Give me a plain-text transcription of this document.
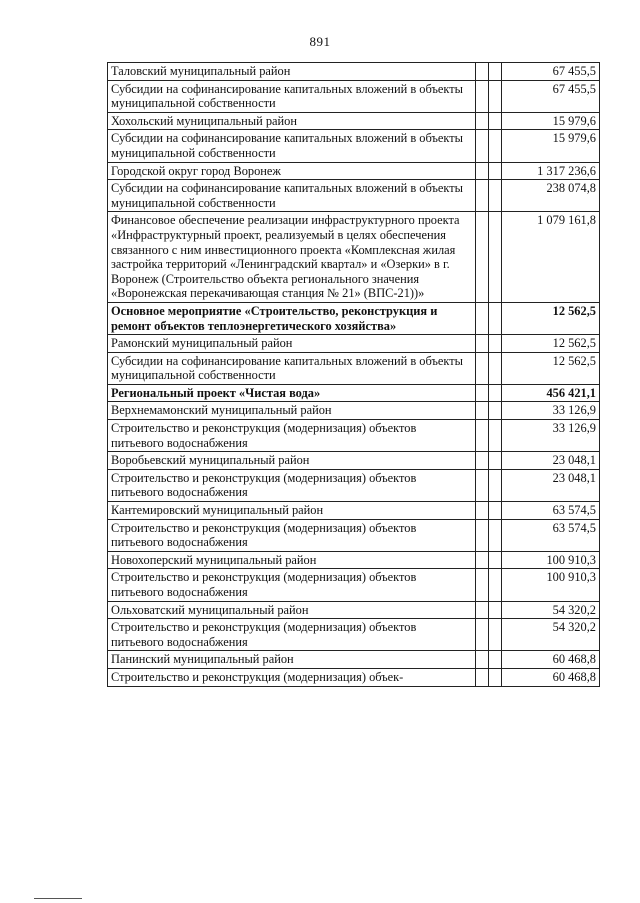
891
Таловский муниципальный район			67 455,5
Субсидии на софинансирование капитальных вложений в объекты муниципальной собственности			67 455,5
Хохольский муниципальный район			15 979,6
Субсидии на софинансирование капитальных вложений в объекты муниципальной собственности			15 979,6
Городской округ город Воронеж			1 317 236,6
Субсидии на софинансирование капитальных вложений в объекты муниципальной собственности			238 074,8
Финансовое обеспечение реализации инфраструктурного проекта «Инфраструктурный проект, реализуемый в целях обеспечения связанного с ним инвестиционного проекта «Комплексная жилая застройка территорий «Ленинградский квартал» и «Озерки» в г. Воронеж (Строительство объекта регионального значения «Воронежская перекачивающая станция № 21» (ВПС-21))»			1 079 161,8
Основное мероприятие «Строительство, реконструкция и ремонт объектов теплоэнергетического хозяйства»			12 562,5
Рамонский муниципальный район			12 562,5
Субсидии на софинансирование капитальных вложений в объекты муниципальной собственности			12 562,5
Региональный проект «Чистая вода»			456 421,1
Верхнемамонский муниципальный район			33 126,9
Строительство и реконструкция (модернизация) объектов питьевого водоснабжения			33 126,9
Воробьевский муниципальный район			23 048,1
Строительство и реконструкция (модернизация) объектов питьевого водоснабжения			23 048,1
Кантемировский муниципальный район			63 574,5
Строительство и реконструкция (модернизация) объектов питьевого водоснабжения			63 574,5
Новохоперский муниципальный район			100 910,3
Строительство и реконструкция (модернизация) объектов питьевого водоснабжения			100 910,3
Ольховатский муниципальный район			54 320,2
Строительство и реконструкция (модернизация) объектов питьевого водоснабжения			54 320,2
Панинский муниципальный район			60 468,8
Строительство и реконструкция (модернизация) объек-			60 468,8
